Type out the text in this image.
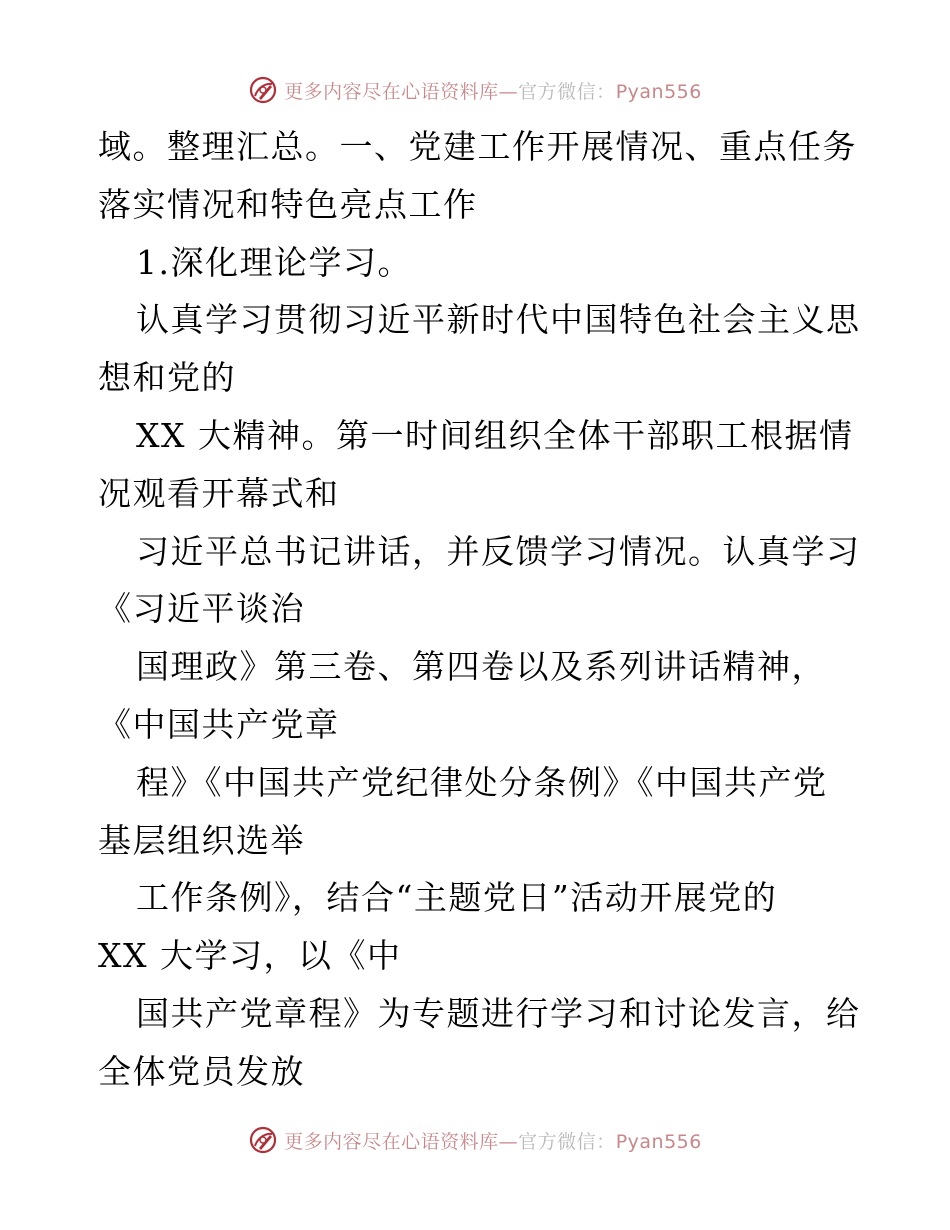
更多内容尽在心语资料库—官方微信：Pyan556
域。整理汇总。一、党建工作开展情况、重点任务
落实情况和特色亮点工作
1.深化理论学习。
认真学习贯彻习近平新时代中国特色社会主义思
想和党的
XX 大精神。第一时间组织全体干部职工根据情
况观看开幕式和
习近平总书记讲话，并反馈学习情况。认真学习
《习近平谈治
国理政》第三卷、第四卷以及系列讲话精神，
《中国共产党章
程》《中国共产党纪律处分条例》《中国共产党
基层组织选举
工作条例》，结合“主题党日”活动开展党的
XX 大学习，以《中
国共产党章程》为专题进行学习和讨论发言，给
全体党员发放
更多内容尽在心语资料库—官方微信：Pyan556
